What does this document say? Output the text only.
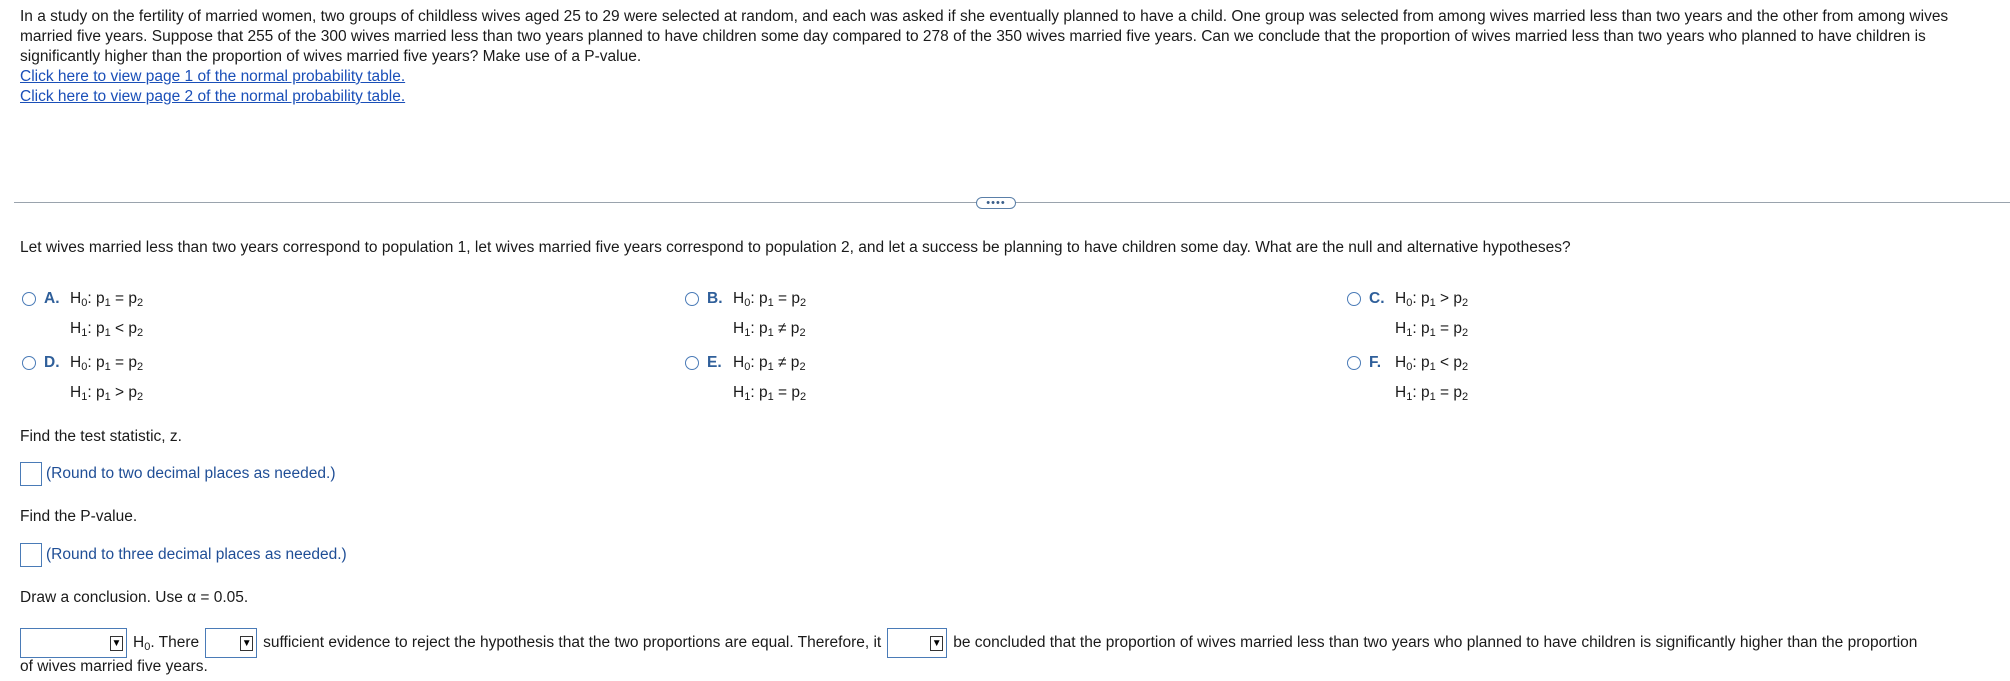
In a study on the fertility of married women, two groups of childless wives aged 25 to 29 were selected at random, and each was asked if she eventually planned to have a child. One group was selected from among wives married less than two years and the other from among wives married five years. Suppose that 255 of the 300 wives married less than two years planned to have children some day compared to 278 of the 350 wives married five years. Can we conclude that the proportion of wives married less than two years who planned to have children is significantly higher than the proportion of wives married five years? Make use of a P-value.

Click here to view page 1 of the normal probability table.
Click here to view page 2 of the normal probability table.
••••
Let wives married less than two years correspond to population 1, let wives married five years correspond to population 2, and let a success be planning to have children some day. What are the null and alternative hypotheses?
A. $H_0$: $p_1 = p_2$
$H_1$: $p_1 < p_2$
B. $H_0$: $p_1 = p_2$
$H_1$: $p_1 \ne p_2$
C. $H_0$: $p_1 > p_2$
$H_1$: $p_1 = p_2$
D. $H_0$: $p_1 = p_2$
$H_1$: $p_1 > p_2$
E. $H_0$: $p_1 \ne p_2$
$H_1$: $p_1 = p_2$
F. $H_0$: $p_1 < p_2$
$H_1$: $p_1 = p_2$
Find the test statistic, z.
(Round to two decimal places as needed.)
Find the P-value.
(Round to three decimal places as needed.)
Draw a conclusion. Use α = 0.05.
▼ $H_0$. There	▼ sufficient evidence to reject the hypothesis that the two proportions are equal. Therefore, it	▼ be concluded that the proportion of wives married less than two years who planned to have children is significantly higher than the proportion
of wives married five years.
